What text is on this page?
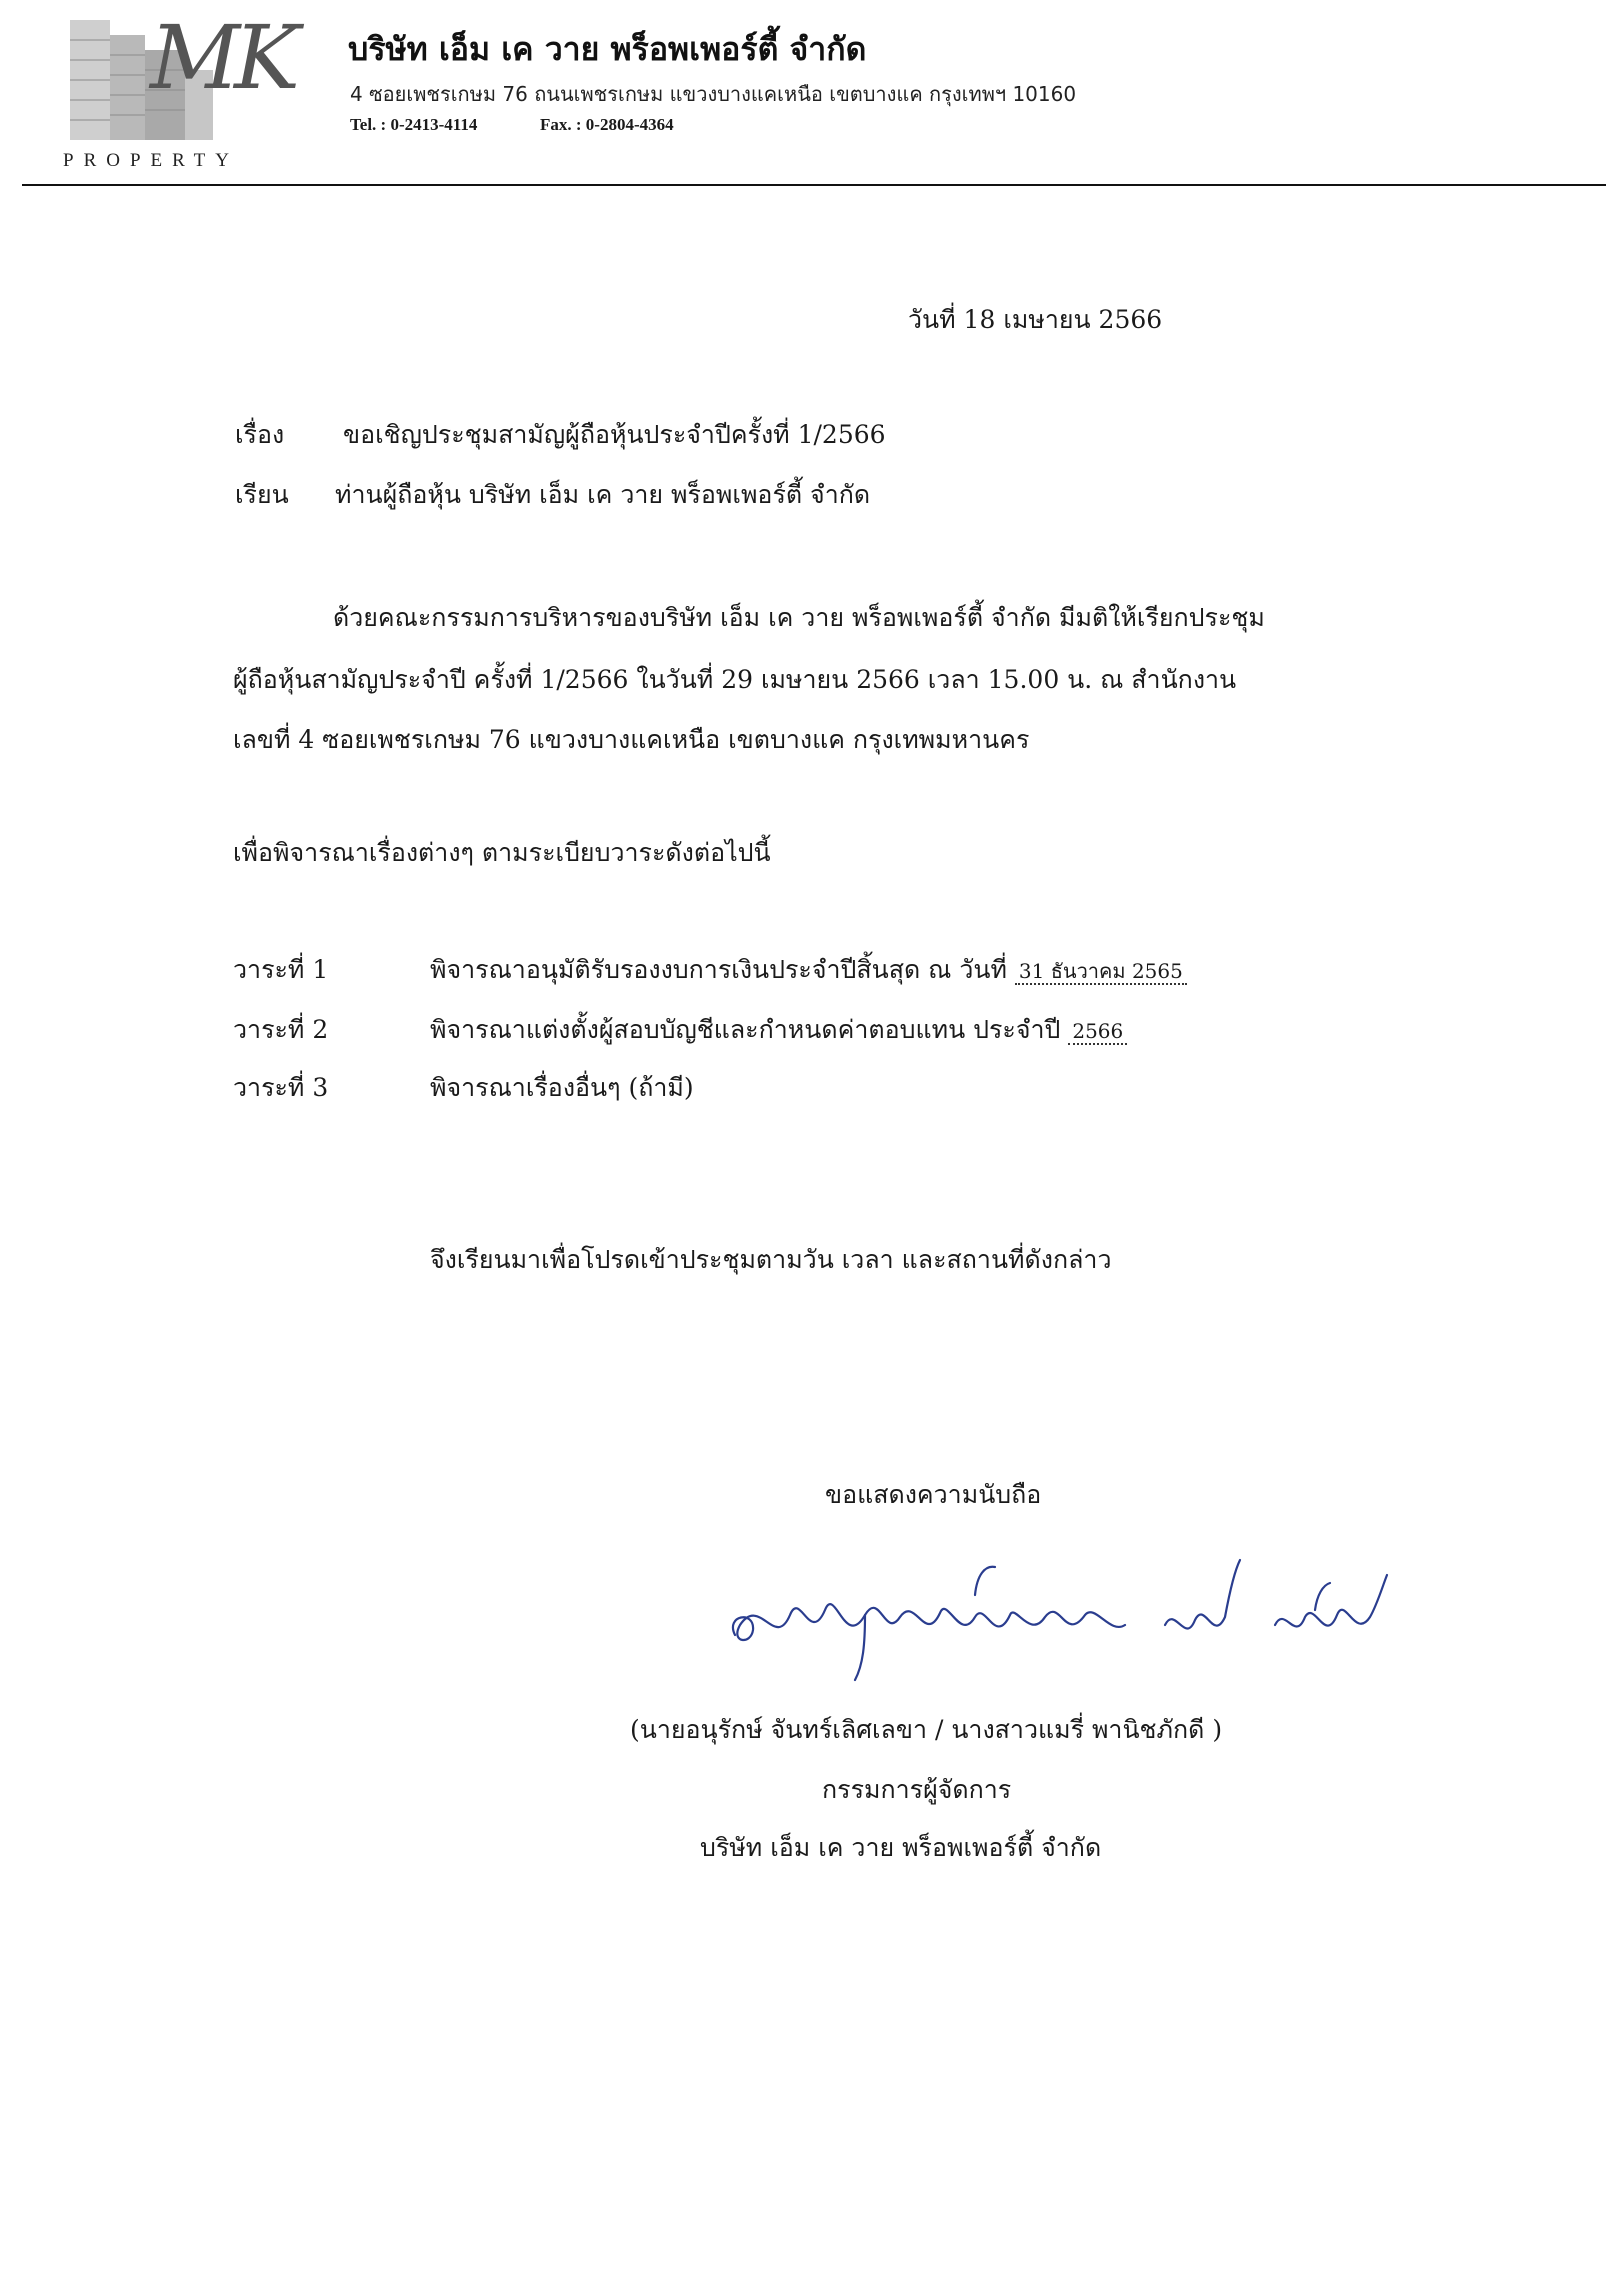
MK
PROPERTY
บริษัท เอ็ม เค วาย พร็อพเพอร์ตี้ จำกัด
4 ซอยเพชรเกษม 76 ถนนเพชรเกษม แขวงบางแคเหนือ เขตบางแค กรุงเทพฯ 10160
Tel. : 0-2413-4114	Fax. : 0-2804-4364
วันที่ 18 เมษายน 2566
เรื่อง ขอเชิญประชุมสามัญผู้ถือหุ้นประจำปีครั้งที่ 1/2566
เรียน ท่านผู้ถือหุ้น บริษัท เอ็ม เค วาย พร็อพเพอร์ตี้ จำกัด
ด้วยคณะกรรมการบริหารของบริษัท เอ็ม เค วาย พร็อพเพอร์ตี้ จำกัด มีมติให้เรียกประชุม
ผู้ถือหุ้นสามัญประจำปี ครั้งที่ 1/2566 ในวันที่ 29 เมษายน 2566 เวลา 15.00 น. ณ สำนักงาน
เลขที่ 4 ซอยเพชรเกษม 76 แขวงบางแคเหนือ เขตบางแค กรุงเทพมหานคร
เพื่อพิจารณาเรื่องต่างๆ ตามระเบียบวาระดังต่อไปนี้
วาระที่ 1	พิจารณาอนุมัติรับรองงบการเงินประจำปีสิ้นสุด ณ วันที่ 31 ธันวาคม 2565
วาระที่ 2	พิจารณาแต่งตั้งผู้สอบบัญชีและกำหนดค่าตอบแทน ประจำปี 2566
วาระที่ 3	พิจารณาเรื่องอื่นๆ (ถ้ามี)
จึงเรียนมาเพื่อโปรดเข้าประชุมตามวัน เวลา และสถานที่ดังกล่าว
ขอแสดงความนับถือ
(นายอนุรักษ์ จันทร์เลิศเลขา / นางสาวแมรี่ พานิชภักดี )
กรรมการผู้จัดการ
บริษัท เอ็ม เค วาย พร็อพเพอร์ตี้ จำกัด
